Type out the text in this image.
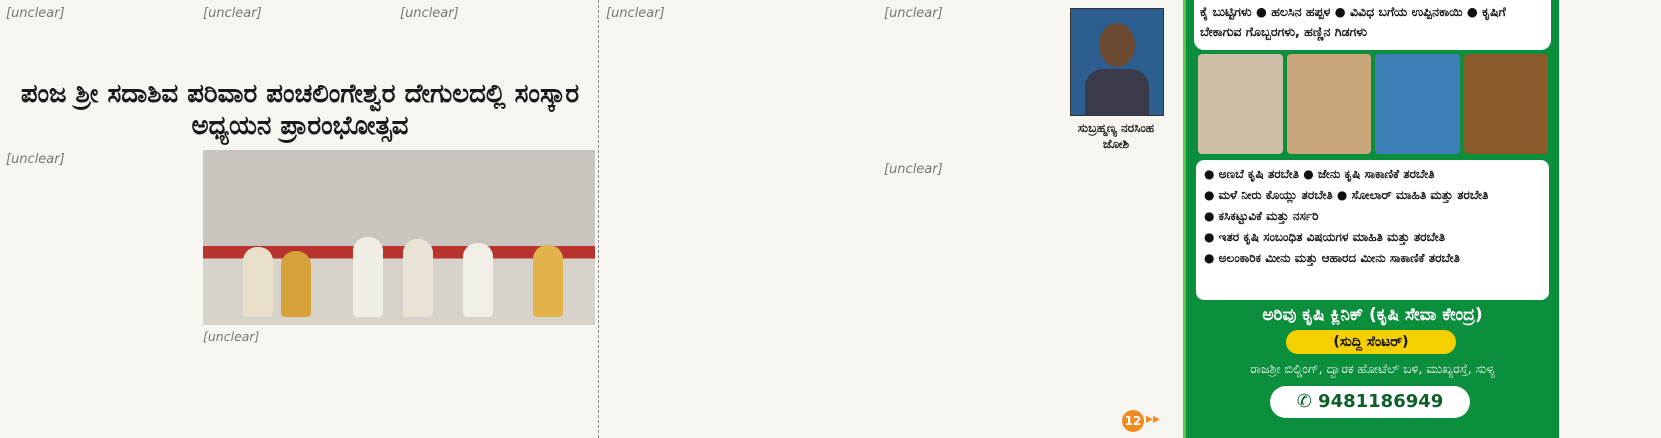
[unclear]	[unclear]	[unclear]
ಪಂಜ ಶ್ರೀ ಸದಾಶಿವ ಪರಿವಾರ ಪಂಚಲಿಂಗೇಶ್ವರ ದೇಗುಲದಲ್ಲಿ ಸಂಸ್ಕಾರ ಅಧ್ಯಯನ ಪ್ರಾರಂಭೋತ್ಸವ
[unclear]
[unclear]
[unclear]	[unclear]
[unclear]
ಸುಬ್ರಹ್ಮಣ್ಯ ನರಸಿಂಹ ಜೋಶಿ
12 ▸▸
ಕೈ ಬುಟ್ಟಿಗಳು ● ಹಲಸಿನ ಹಪ್ಪಳ ● ವಿವಿಧ ಬಗೆಯ ಉಪ್ಪಿನಕಾಯಿ ● ಕೃಷಿಗೆ ಬೇಕಾಗುವ ಗೊಬ್ಬರಗಳು, ಹಣ್ಣಿನ ಗಿಡಗಳು
● ಅಣಬೆ ಕೃಷಿ ತರಬೇತಿ ● ಜೇನು ಕೃಷಿ ಸಾಕಾಣಿಕೆ ತರಬೇತಿ
● ಮಳೆ ನೀರು ಕೊಯ್ಲು ತರಬೇತಿ ● ಸೋಲಾರ್ ಮಾಹಿತಿ ಮತ್ತು ತರಬೇತಿ
● ಕಸಿಕಟ್ಟುವಿಕೆ ಮತ್ತು ನರ್ಸರಿ
● ಇತರ ಕೃಷಿ ಸಂಬಂಧಿತ ವಿಷಯಗಳ ಮಾಹಿತಿ ಮತ್ತು ತರಬೇತಿ
● ಅಲಂಕಾರಿಕ ಮೀನು ಮತ್ತು ಆಹಾರದ ಮೀನು ಸಾಕಾಣಿಕೆ ತರಬೇತಿ
ಅರಿವು ಕೃಷಿ ಕ್ಲಿನಿಕ್ (ಕೃಷಿ ಸೇವಾ ಕೇಂದ್ರ)
(ಸುದ್ದಿ ಸೆಂಟರ್)
ರಾಜಶ್ರೀ ಬಿಲ್ಡಿಂಗ್, ದ್ವಾರಕ ಹೋಟೆಲ್ ಬಳಿ, ಮುಖ್ಯರಸ್ತೆ, ಸುಳ್ಯ
✆ 9481186949
